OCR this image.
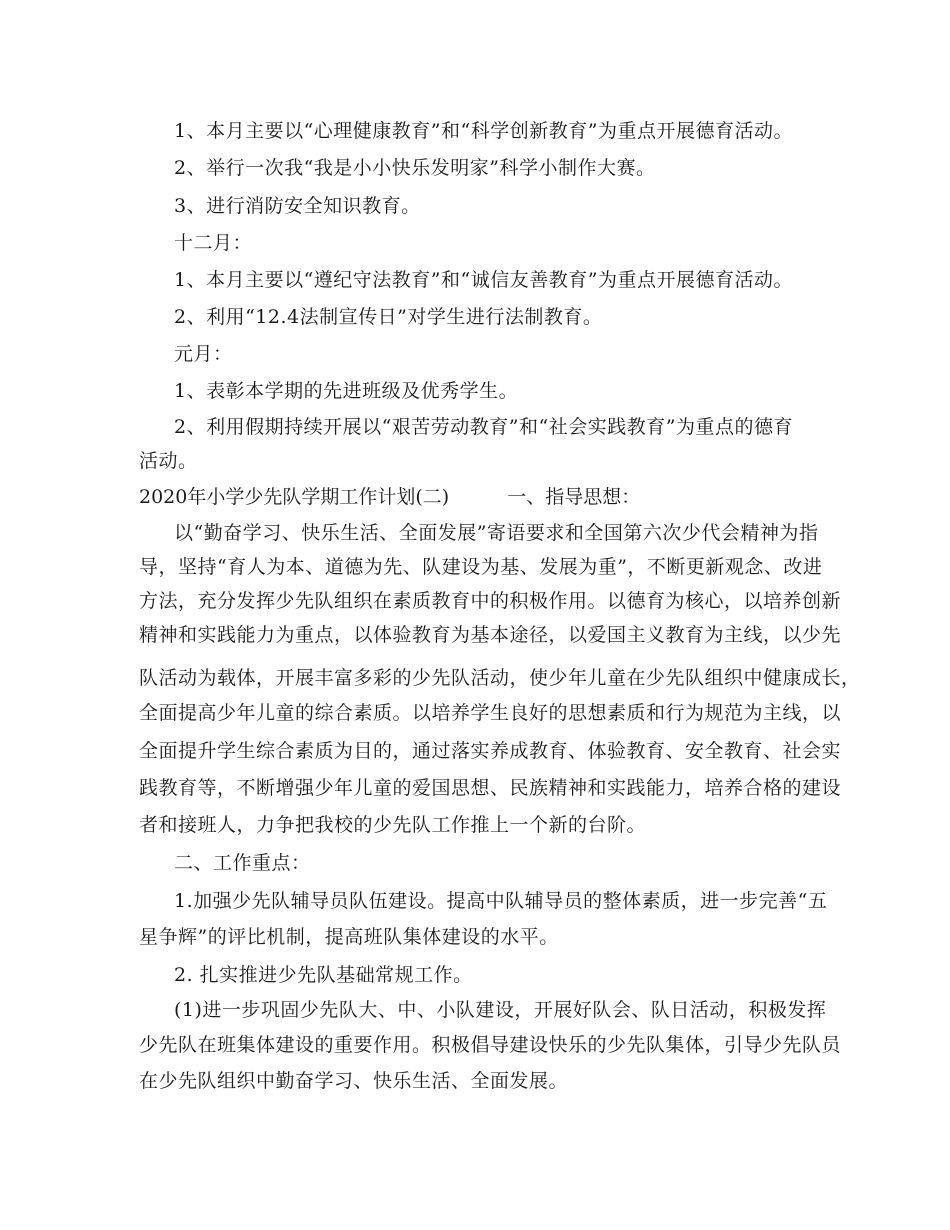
1、本月主要以“心理健康教育”和“科学创新教育”为重点开展德育活动。
2、举行一次我“我是小小快乐发明家”科学小制作大赛。
3、进行消防安全知识教育。
十二月：
1、本月主要以“遵纪守法教育”和“诚信友善教育”为重点开展德育活动。
2、利用“12.4法制宣传日”对学生进行法制教育。
元月：
1、表彰本学期的先进班级及优秀学生。
2、利用假期持续开展以“艰苦劳动教育”和“社会实践教育”为重点的德育
活动。
2020年小学少先队学期工作计划(二)	一、指导思想：
以“勤奋学习、快乐生活、全面发展”寄语要求和全国第六次少代会精神为指
导，坚持“育人为本、道德为先、队建设为基、发展为重”，不断更新观念、改进
方法，充分发挥少先队组织在素质教育中的积极作用。以德育为核心，以培养创新
精神和实践能力为重点，以体验教育为基本途径，以爱国主义教育为主线，以少先
队活动为载体，开展丰富多彩的少先队活动，使少年儿童在少先队组织中健康成长，
全面提高少年儿童的综合素质。以培养学生良好的思想素质和行为规范为主线，以
全面提升学生综合素质为目的，通过落实养成教育、体验教育、安全教育、社会实
践教育等，不断增强少年儿童的爱国思想、民族精神和实践能力，培养合格的建设
者和接班人，力争把我校的少先队工作推上一个新的台阶。
二、工作重点：
1.加强少先队辅导员队伍建设。提高中队辅导员的整体素质，进一步完善“五
星争辉”的评比机制，提高班队集体建设的水平。
2. 扎实推进少先队基础常规工作。
(1)进一步巩固少先队大、中、小队建设，开展好队会、队日活动，积极发挥
少先队在班集体建设的重要作用。积极倡导建设快乐的少先队集体，引导少先队员
在少先队组织中勤奋学习、快乐生活、全面发展。
